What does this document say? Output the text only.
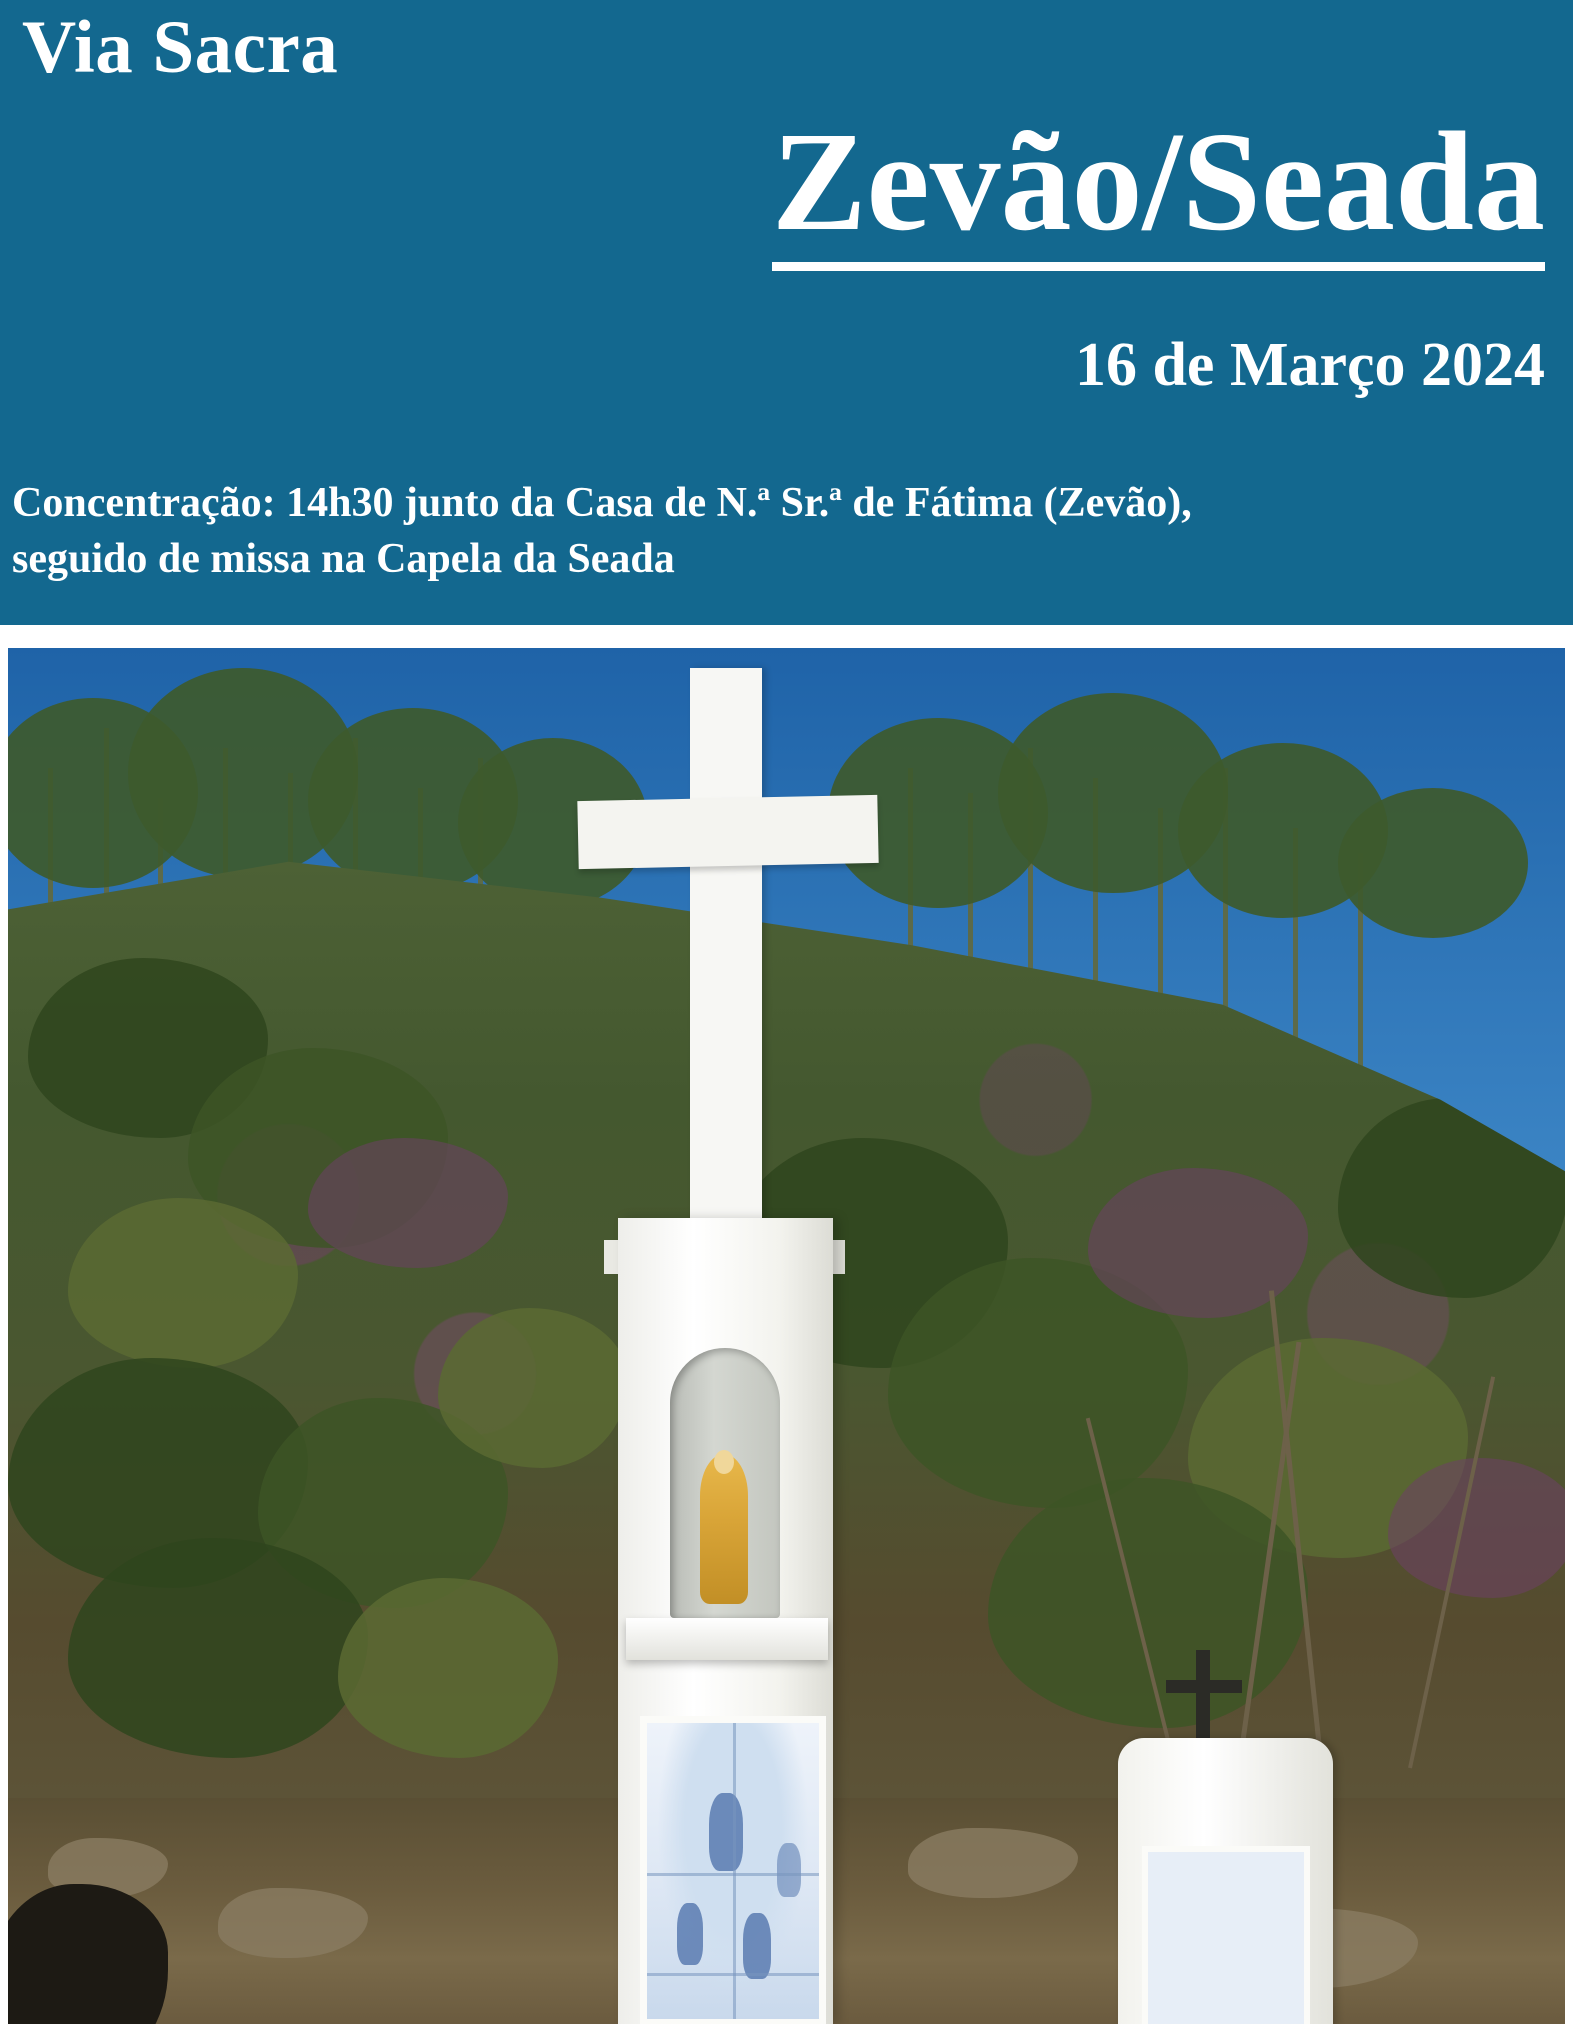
Via Sacra
Zevão/Seada
16 de Março 2024
Concentração: 14h30 junto da Casa de N.ª Sr.ª de Fátima (Zevão),
seguido de missa na Capela da Seada
